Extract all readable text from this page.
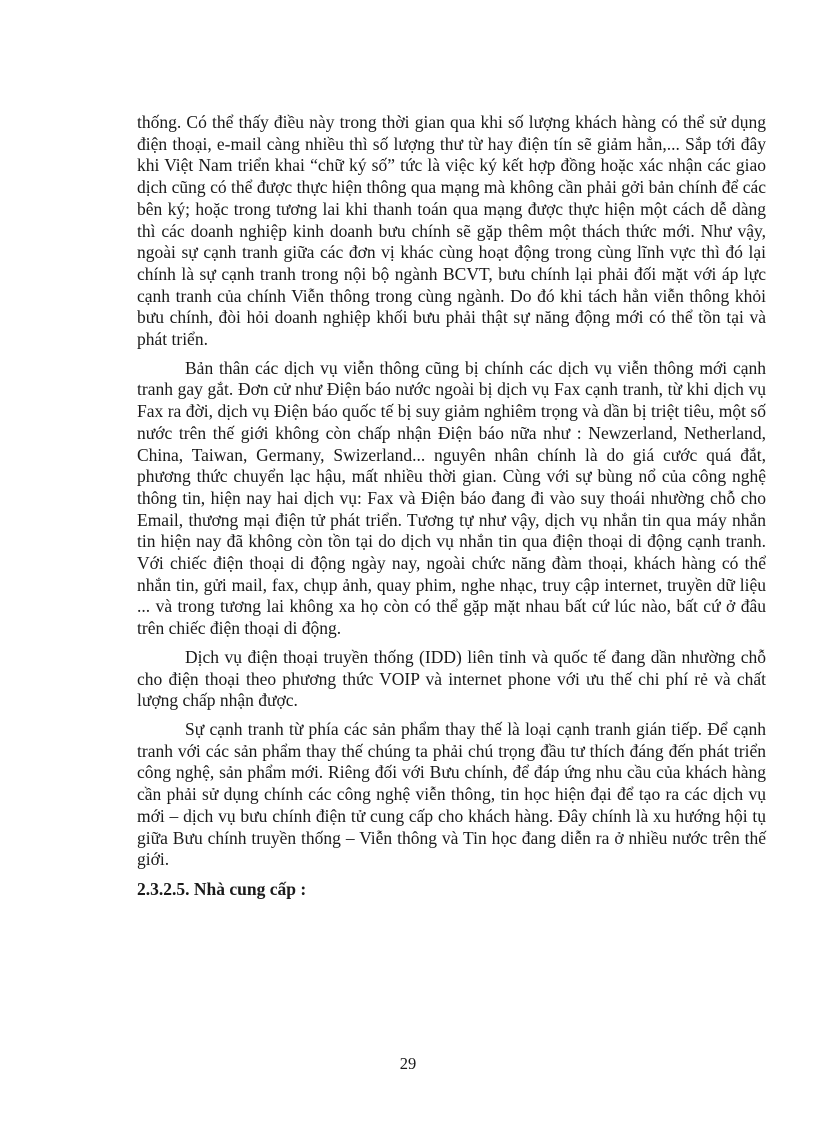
thống. Có thể thấy điều này trong thời gian qua khi số lượng khách hàng có thể sử dụng điện thoại, e-mail càng nhiều thì số lượng thư từ hay điện tín sẽ giảm hẳn,... Sắp tới đây khi Việt Nam triển khai “chữ ký số” tức là việc ký kết hợp đồng hoặc xác nhận các giao dịch cũng có thể được thực hiện thông qua mạng mà không cần phải gởi bản chính để các bên ký; hoặc trong tương lai khi thanh toán qua mạng được thực hiện một cách dễ dàng thì các doanh nghiệp kinh doanh bưu chính sẽ gặp thêm một thách thức mới. Như vậy, ngoài sự cạnh tranh giữa các đơn vị khác cùng hoạt động trong cùng lĩnh vực thì đó lại chính là sự cạnh tranh trong nội bộ ngành BCVT, bưu chính lại phải đối mặt với áp lực cạnh tranh của chính Viễn thông trong cùng ngành. Do đó khi tách hẳn viễn thông khỏi bưu chính, đòi hỏi doanh nghiệp khối bưu phải thật sự năng động mới có thể tồn tại và phát triển.

Bản thân các dịch vụ viễn thông cũng bị chính các dịch vụ viễn thông mới cạnh tranh gay gắt. Đơn cử như Điện báo nước ngoài bị dịch vụ Fax cạnh tranh, từ khi dịch vụ Fax ra đời, dịch vụ Điện báo quốc tế bị suy giảm nghiêm trọng và dần bị triệt tiêu, một số nước trên thế giới không còn chấp nhận Điện báo nữa như : Newzerland, Netherland, China, Taiwan, Germany, Swizerland... nguyên nhân chính là do giá cước quá đắt, phương thức chuyển lạc hậu, mất nhiều thời gian. Cùng với sự bùng nổ của công nghệ thông tin, hiện nay hai dịch vụ: Fax và Điện báo đang đi vào suy thoái nhường chỗ cho Email, thương mại điện tử phát triển. Tương tự như vậy, dịch vụ nhắn tin qua máy nhắn tin hiện nay đã không còn tồn tại do dịch vụ nhắn tin qua điện thoại di động cạnh tranh. Với chiếc điện thoại di động ngày nay, ngoài chức năng đàm thoại, khách hàng có thể nhắn tin, gửi mail, fax, chụp ảnh, quay phim, nghe nhạc, truy cập internet, truyền dữ liệu ... và trong tương lai không xa họ còn có thể gặp mặt nhau bất cứ lúc nào, bất cứ ở đâu trên chiếc điện thoại di động.

Dịch vụ điện thoại truyền thống (IDD) liên tỉnh và quốc tế đang dần nhường chỗ cho điện thoại theo phương thức VOIP và internet phone với ưu thế chi phí rẻ và chất lượng chấp nhận được.

Sự cạnh tranh từ phía các sản phẩm thay thế là loại cạnh tranh gián tiếp. Để cạnh tranh với các sản phẩm thay thế chúng ta phải chú trọng đầu tư thích đáng đến phát triển công nghệ, sản phẩm mới. Riêng đối với Bưu chính, để đáp ứng nhu cầu của khách hàng cần phải sử dụng chính các công nghệ viễn thông, tin học hiện đại để tạo ra các dịch vụ mới – dịch vụ bưu chính điện tử cung cấp cho khách hàng. Đây chính là xu hướng hội tụ giữa Bưu chính truyền thống – Viễn thông và Tin học đang diễn ra ở nhiều nước trên thế giới.

2.3.2.5. Nhà cung cấp :

29
